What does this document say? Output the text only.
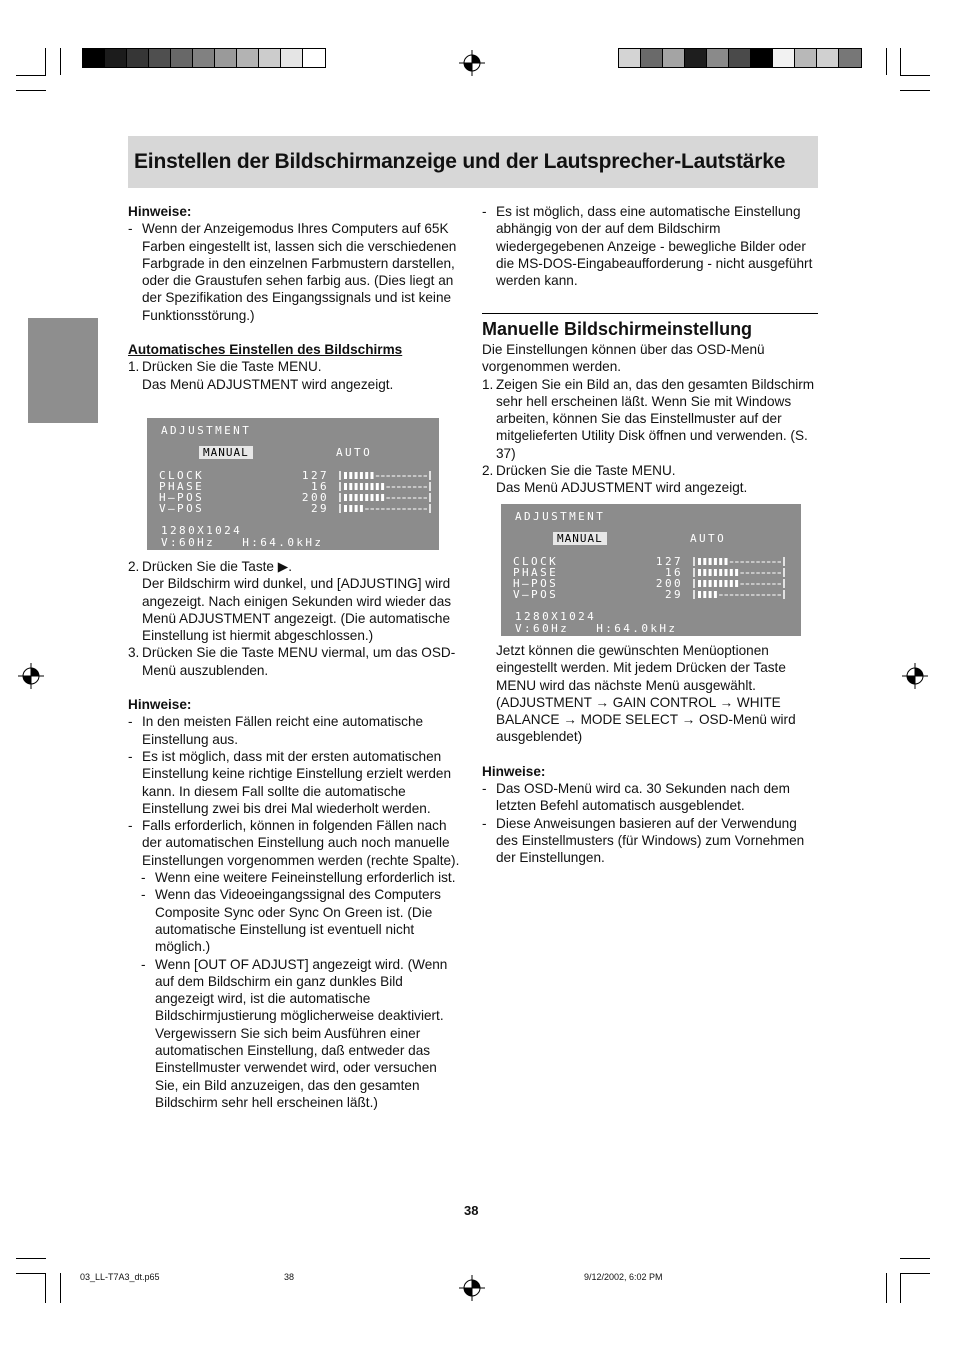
Einstellen der Bildschirmanzeige und der Lautsprecher-Lautstärke

Hinweise:

- Wenn der Anzeigemodus Ihres Computers auf 65K Farben eingestellt ist, lassen sich die verschiedenen Farbgrade in den einzelnen Farbmustern darstellen, oder die Graustufen sehen farbig aus. (Dies liegt an der Spezifikation des Eingangssignals und ist keine Funktionsstörung.)

Automatisches Einstellen des Bildschirms

1. Drücken Sie die Taste MENU.

Das Menü ADJUSTMENT wird angezeigt.

ADJUSTMENT
MANUAL	AUTO
CLOCK	127
PHASE	16
H–POS	200
V–POS	29
1280X1024
V:60Hz   H:64.0kHz
2. Drücken Sie die Taste ▶.

Der Bildschirm wird dunkel, und [ADJUSTING] wird angezeigt. Nach einigen Sekunden wird wieder das Menü ADJUSTMENT angezeigt. (Die automatische Einstellung ist hiermit abgeschlossen.)

3. Drücken Sie die Taste MENU viermal, um das OSD-Menü auszublenden.

Hinweise:

- In den meisten Fällen reicht eine automatische Einstellung aus.
- Es ist möglich, dass mit der ersten automatischen Einstellung keine richtige Einstellung erzielt werden kann. In diesem Fall sollte die automatische Einstellung zwei bis drei Mal wiederholt werden.
- Falls erforderlich, können in folgenden Fällen nach der automatischen Einstellung auch noch manuelle Einstellungen vorgenommen werden (rechte Spalte).
- Wenn eine weitere Feineinstellung erforderlich ist.
- Wenn das Videoeingangssignal des Computers Composite Sync oder Sync On Green ist. (Die automatische Einstellung ist eventuell nicht möglich.)
- Wenn [OUT OF ADJUST] angezeigt wird. (Wenn auf dem Bildschirm ein ganz dunkles Bild angezeigt wird, ist die automatische Bildschirmjustierung möglicherweise deaktiviert. Vergewissern Sie sich beim Ausführen einer automatischen Einstellung, daß entweder das Einstellmuster verwendet wird, oder versuchen Sie, ein Bild anzuzeigen, das den gesamten Bildschirm sehr hell erscheinen läßt.)
- Es ist möglich, dass eine automatische Einstellung abhängig von der auf dem Bildschirm wiedergegebenen Anzeige - bewegliche Bilder oder die MS-DOS-Eingabeaufforderung - nicht ausgeführt werden kann.

Manuelle Bildschirmeinstellung

Die Einstellungen können über das OSD-Menü vorgenommen werden.

1. Zeigen Sie ein Bild an, das den gesamten Bildschirm sehr hell erscheinen läßt. Wenn Sie mit Windows arbeiten, können Sie das Einstellmuster auf der mitgelieferten Utility Disk öffnen und verwenden. (S. 37)
2. Drücken Sie die Taste MENU.

Das Menü ADJUSTMENT wird angezeigt.

ADJUSTMENT
MANUAL	AUTO
CLOCK	127
PHASE	16
H–POS	200
V–POS	29
1280X1024
V:60Hz   H:64.0kHz

Jetzt können die gewünschten Menüoptionen eingestellt werden. Mit jedem Drücken der Taste MENU wird das nächste Menü ausgewählt. (ADJUSTMENT → GAIN CONTROL → WHITE BALANCE → MODE SELECT → OSD-Menü wird ausgeblendet)

Hinweise:

- Das OSD-Menü wird ca. 30 Sekunden nach dem letzten Befehl automatisch ausgeblendet.
- Diese Anweisungen basieren auf der Verwendung des Einstellmusters (für Windows) zum Vornehmen der Einstellungen.
38
03_LL-T7A3_dt.p65	38	9/12/2002, 6:02 PM
